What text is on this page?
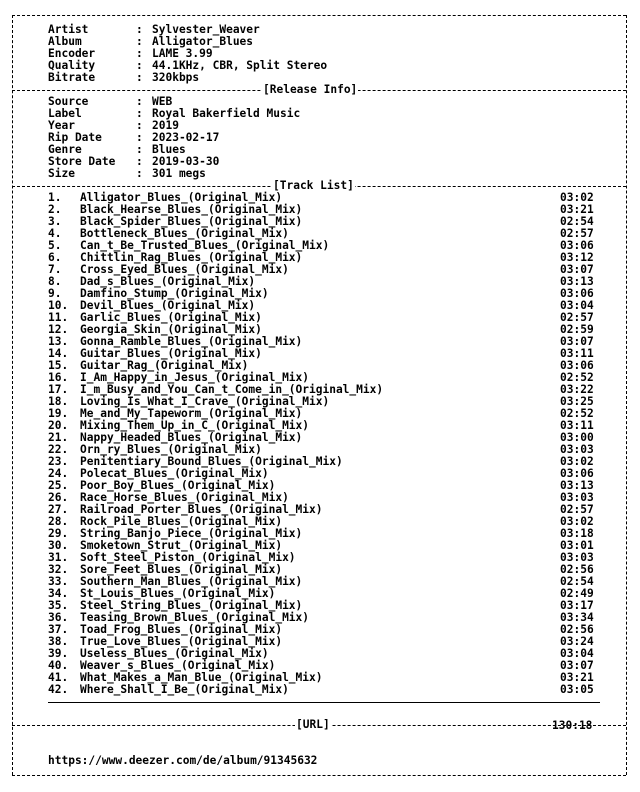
Artist	: Sylvester_Weaver
Album	: Alligator_Blues
Encoder	: LAME 3.99
Quality	: 44.1KHz, CBR, Split Stereo
Bitrate	: 320kbps
[Release Info]
Source	: WEB
Label	: Royal Bakerfield Music
Year	: 2019
Rip Date	: 2023-02-17
Genre	: Blues
Store Date : 2019-03-30
Size	: 301 megs
[Track List]
1. Alligator_Blues_(Original_Mix)	03:02
2. Black_Hearse_Blues_(Original_Mix)	03:21
3. Black_Spider_Blues_(Original_Mix)	02:54
4. Bottleneck_Blues_(Original_Mix)	02:57
5. Can_t_Be_Trusted_Blues_(Original_Mix)	03:06
6. Chittlin_Rag_Blues_(Original_Mix)	03:12
7. Cross_Eyed_Blues_(Original_Mix)	03:07
8. Dad_s_Blues_(Original_Mix)	03:13
9. Damfino_Stump_(Original_Mix)	03:06
10. Devil_Blues_(Original_Mix)	03:04
11. Garlic_Blues_(Original_Mix)	02:57
12. Georgia_Skin_(Original_Mix)	02:59
13. Gonna_Ramble_Blues_(Original_Mix)	03:07
14. Guitar_Blues_(Original_Mix)	03:11
15. Guitar_Rag_(Original_Mix)	03:06
16. I_Am_Happy_in_Jesus_(Original_Mix)	02:52
17. I_m_Busy_and_You_Can_t_Come_in_(Original_Mix)	03:22
18. Loving_Is_What_I_Crave_(Original_Mix)	03:25
19. Me_and_My_Tapeworm_(Original_Mix)	02:52
20. Mixing_Them_Up_in_C_(Original_Mix)	03:11
21. Nappy_Headed_Blues_(Original_Mix)	03:00
22. Orn_ry_Blues_(Original_Mix)	03:03
23. Penitentiary_Bound_Blues_(Original_Mix)	03:02
24. Polecat_Blues_(Original_Mix)	03:06
25. Poor_Boy_Blues_(Original_Mix)	03:13
26. Race_Horse_Blues_(Original_Mix)	03:03
27. Railroad_Porter_Blues_(Original_Mix)	02:57
28. Rock_Pile_Blues_(Original_Mix)	03:02
29. String_Banjo_Piece_(Original_Mix)	03:18
30. Smoketown_Strut_(Original_Mix)	03:01
31. Soft_Steel_Piston_(Original_Mix)	03:03
32. Sore_Feet_Blues_(Original_Mix)	02:56
33. Southern_Man_Blues_(Original_Mix)	02:54
34. St_Louis_Blues_(Original_Mix)	02:49
35. Steel_String_Blues_(Original_Mix)	03:17
36. Teasing_Brown_Blues_(Original_Mix)	03:34
37. Toad_Frog_Blues_(Original_Mix)	02:56
38. True_Love_Blues_(Original_Mix)	03:24
39. Useless_Blues_(Original_Mix)	03:04
40. Weaver_s_Blues_(Original_Mix)	03:07
41. What_Makes_a_Man_Blue_(Original_Mix)	03:21
42. Where_Shall_I_Be_(Original_Mix)	03:05

130:18

[URL]

https://www.deezer.com/de/album/91345632
